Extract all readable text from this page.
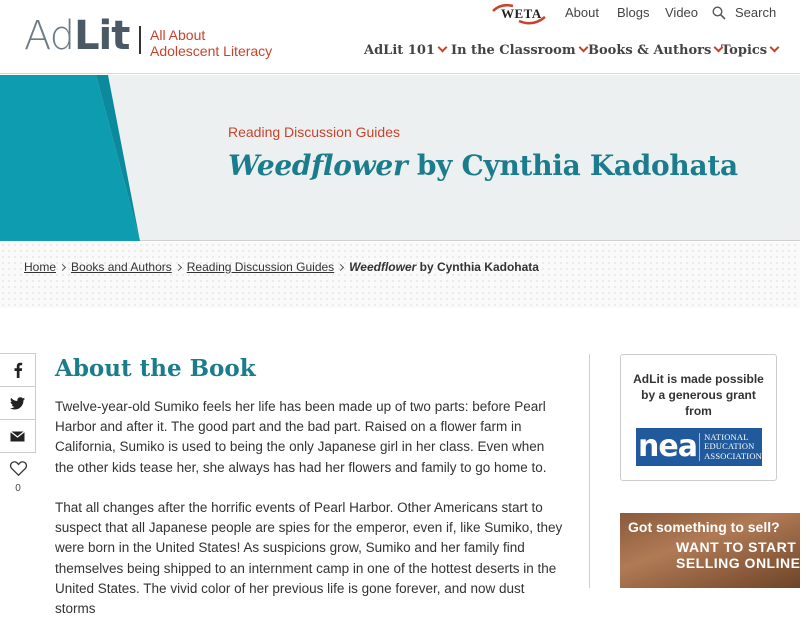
AdLit All About
Adolescent Literacy
WETA About Blogs Video	Search
AdLit 101	In the Classroom Books & Authors Topics
Reading Discussion Guides
Weedflower by Cynthia Kadohata
Home Books and Authors Reading Discussion Guides Weedflower by Cynthia Kadohata
0
About the Book

Twelve-year-old Sumiko feels her life has been made up of two parts: before Pearl Harbor and after it. The good part and the bad part. Raised on a flower farm in California, Sumiko is used to being the only Japanese girl in her class. Even when the other kids tease her, she always has had her flowers and family to go home to.

That all changes after the horrific events of Pearl Harbor. Other Americans start to suspect that all Japanese people are spies for the emperor, even if, like Sumiko, they were born in the United States! As suspicions grow, Sumiko and her family find themselves being shipped to an internment camp in one of the hottest deserts in the United States. The vivid color of her previous life is gone forever, and now dust storms

AdLit is made possible by a generous grant from
nea NATIONAL
EDUCATION
ASSOCIATION
Got something to sell?
WANT TO START
SELLING ONLINE?
